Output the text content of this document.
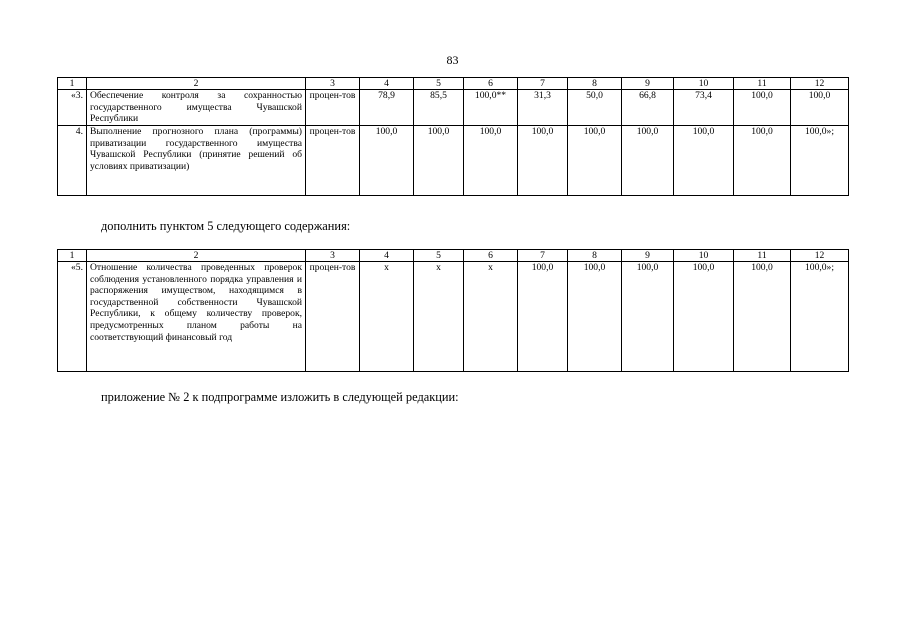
83
1	2	3	4	5	6	7	8	9	10	11	12
«3.	Обеспечение контроля за сохранностью государственного имущества Чувашской Республики	процен-тов	78,9	85,5	100,0**	31,3	50,0	66,8	73,4	100,0	100,0
4.	Выполнение прогнозного плана (программы) приватизации государственного имущества Чувашской Республики (принятие решений об условиях приватизации)	процен-тов	100,0	100,0	100,0	100,0	100,0	100,0	100,0	100,0	100,0»;
дополнить пунктом 5 следующего содержания:
1	2	3	4	5	6	7	8	9	10	11	12
«5.	Отношение количества проведенных проверок соблюдения установленного порядка управления и распоряжения имуществом, находящимся в государственной собственности Чувашской Республики, к общему количеству проверок, предусмотренных планом работы на соответствующий финансовый год	процен-тов	х	х	х	100,0	100,0	100,0	100,0	100,0	100,0»;
приложение № 2 к подпрограмме изложить в следующей редакции:
